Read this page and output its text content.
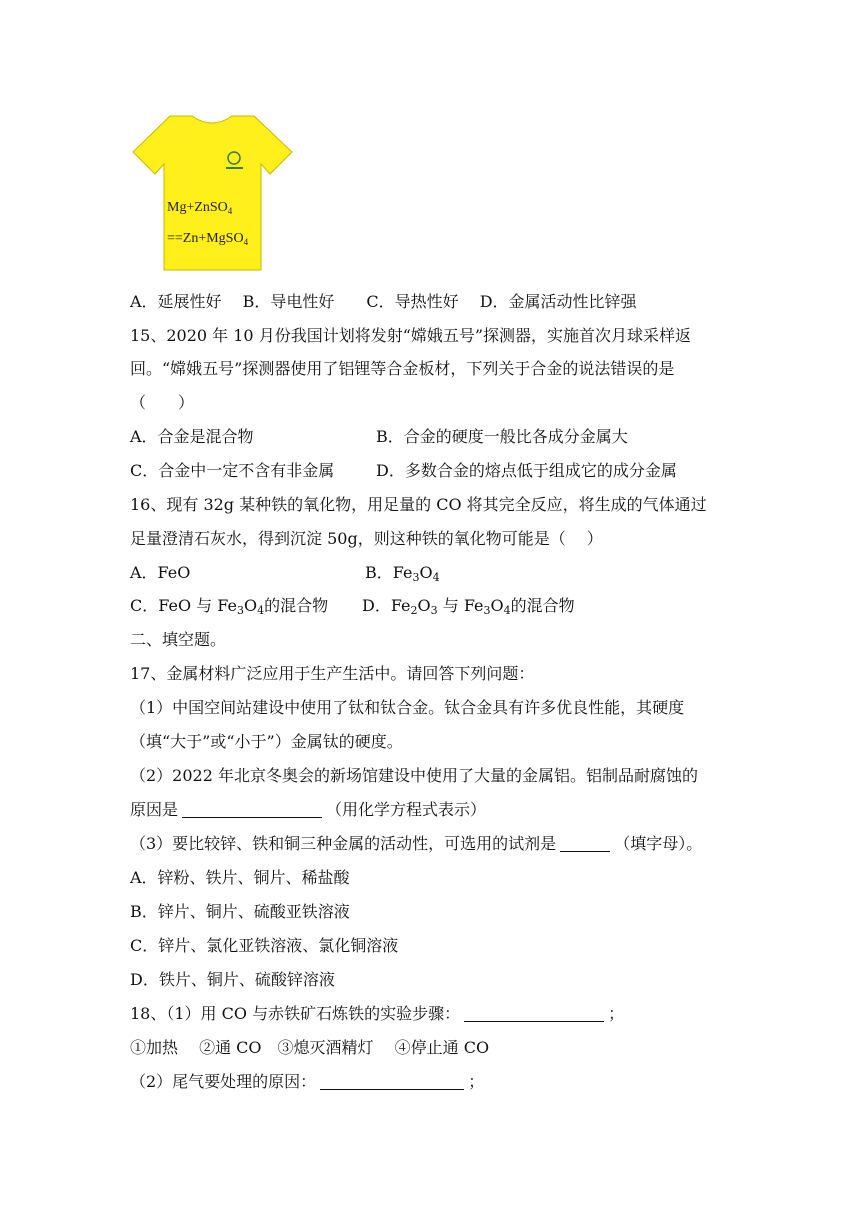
Mg+ZnSO$_4$
==Zn+MgSO$_4$
A．延展性好　 B．导电性好　　C．导热性好　 D．金属活动性比锌强
15、2020 年 10 月份我国计划将发射“嫦娥五号”探测器，实施首次月球采样返
回。“嫦娥五号”探测器使用了铝锂等合金板材，下列关于合金的说法错误的是
（　　）
A．合金是混合物	B．合金的硬度一般比各成分金属大
C．合金中一定不含有非金属	D．多数合金的熔点低于组成它的成分金属
16、现有 32g 某种铁的氧化物，用足量的 CO 将其完全反应，将生成的气体通过
足量澄清石灰水，得到沉淀 50g，则这种铁的氧化物可能是（　 ）
A．FeO	B．$Fe_3O_4$
C．FeO 与 $Fe_3O_4$的混合物 D．$Fe_2O_3$ 与 $Fe_3O_4$的混合物
二、填空题。
17、金属材料广泛应用于生产生活中。请回答下列问题：
（1）中国空间站建设中使用了钛和钛合金。钛合金具有许多优良性能，其硬度
（填“大于”或“小于”）金属钛的硬度。
（2）2022 年北京冬奥会的新场馆建设中使用了大量的金属铝。铝制品耐腐蚀的
原因是	（用化学方程式表示）
（3）要比较锌、铁和铜三种金属的活动性，可选用的试剂是	（填字母）。
A．锌粉、铁片、铜片、稀盐酸
B．锌片、铜片、硫酸亚铁溶液
C．锌片、氯化亚铁溶液、氯化铜溶液
D．铁片、铜片、硫酸锌溶液
18、（1）用 CO 与赤铁矿石炼铁的实验步骤：	；
①加热　 ②通 CO　③熄灭酒精灯　 ④停止通 CO
（2）尾气要处理的原因：	；
